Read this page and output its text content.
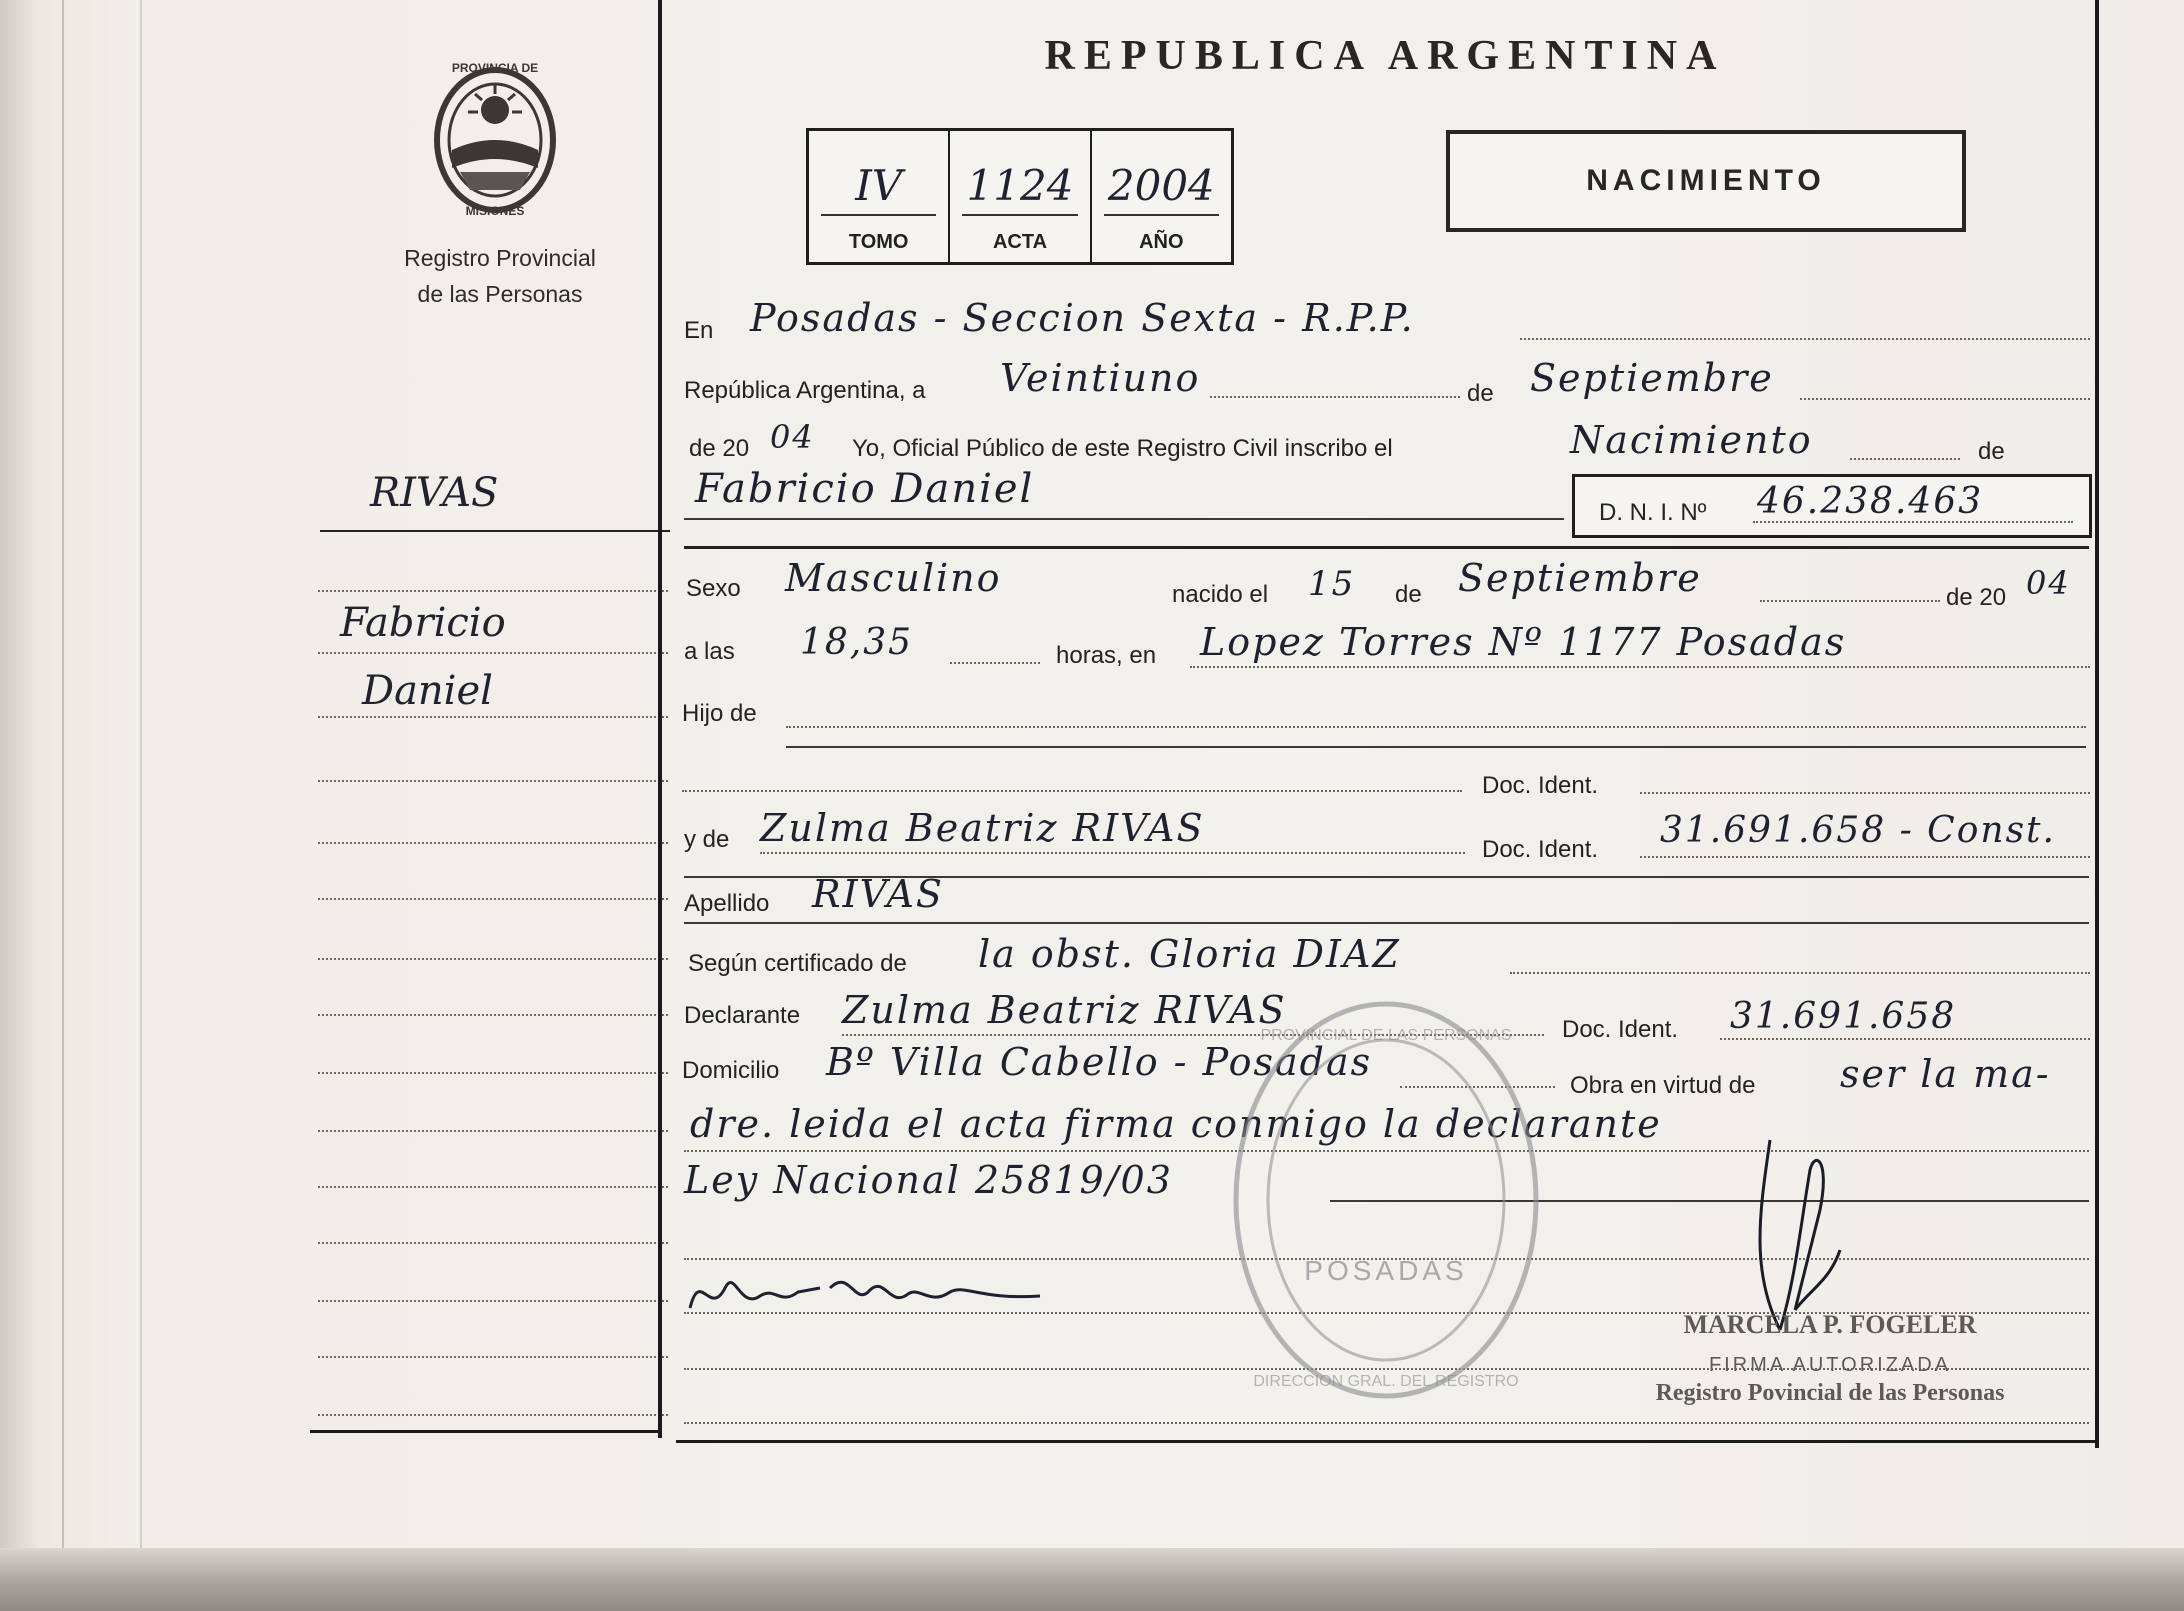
PROVINCIA DE
MISIONES
Registro Provincial
de las Personas
RIVAS
Fabricio
Daniel
REPUBLICA ARGENTINA
IV
TOMO
1124
ACTA
2004
AÑO
NACIMIENTO
En Posadas - Seccion Sexta - R.P.P.
República Argentina, a Veintiuno	de Septiembre
de 20 04 Yo, Oficial Público de este Registro Civil inscribo el	Nacimiento	de
Fabricio Daniel
D. N. I. Nº 46.238.463
Sexo Masculino	nacido el 15 de Septiembre	de 20 04
a las 18,35	horas, en Lopez Torres Nº 1177 Posadas
Hijo de
Doc. Ident.
y de Zulma Beatriz RIVAS	Doc. Ident. 31.691.658 - Const.
Apellido RIVAS
Según certificado de la obst. Gloria DIAZ
Declarante Zulma Beatriz RIVAS	Doc. Ident. 31.691.658
Domicilio Bº Villa Cabello - Posadas
Obra en virtud de ser la ma-
dre. leida el acta firma conmigo la declarante
Ley Nacional 25819/03
POSADAS
PROVINCIAL DE LAS PERSONAS
DIRECCION GRAL. DEL REGISTRO
MARCELA P. FOGELER
FIRMA AUTORIZADA
Registro Povincial de las Personas
